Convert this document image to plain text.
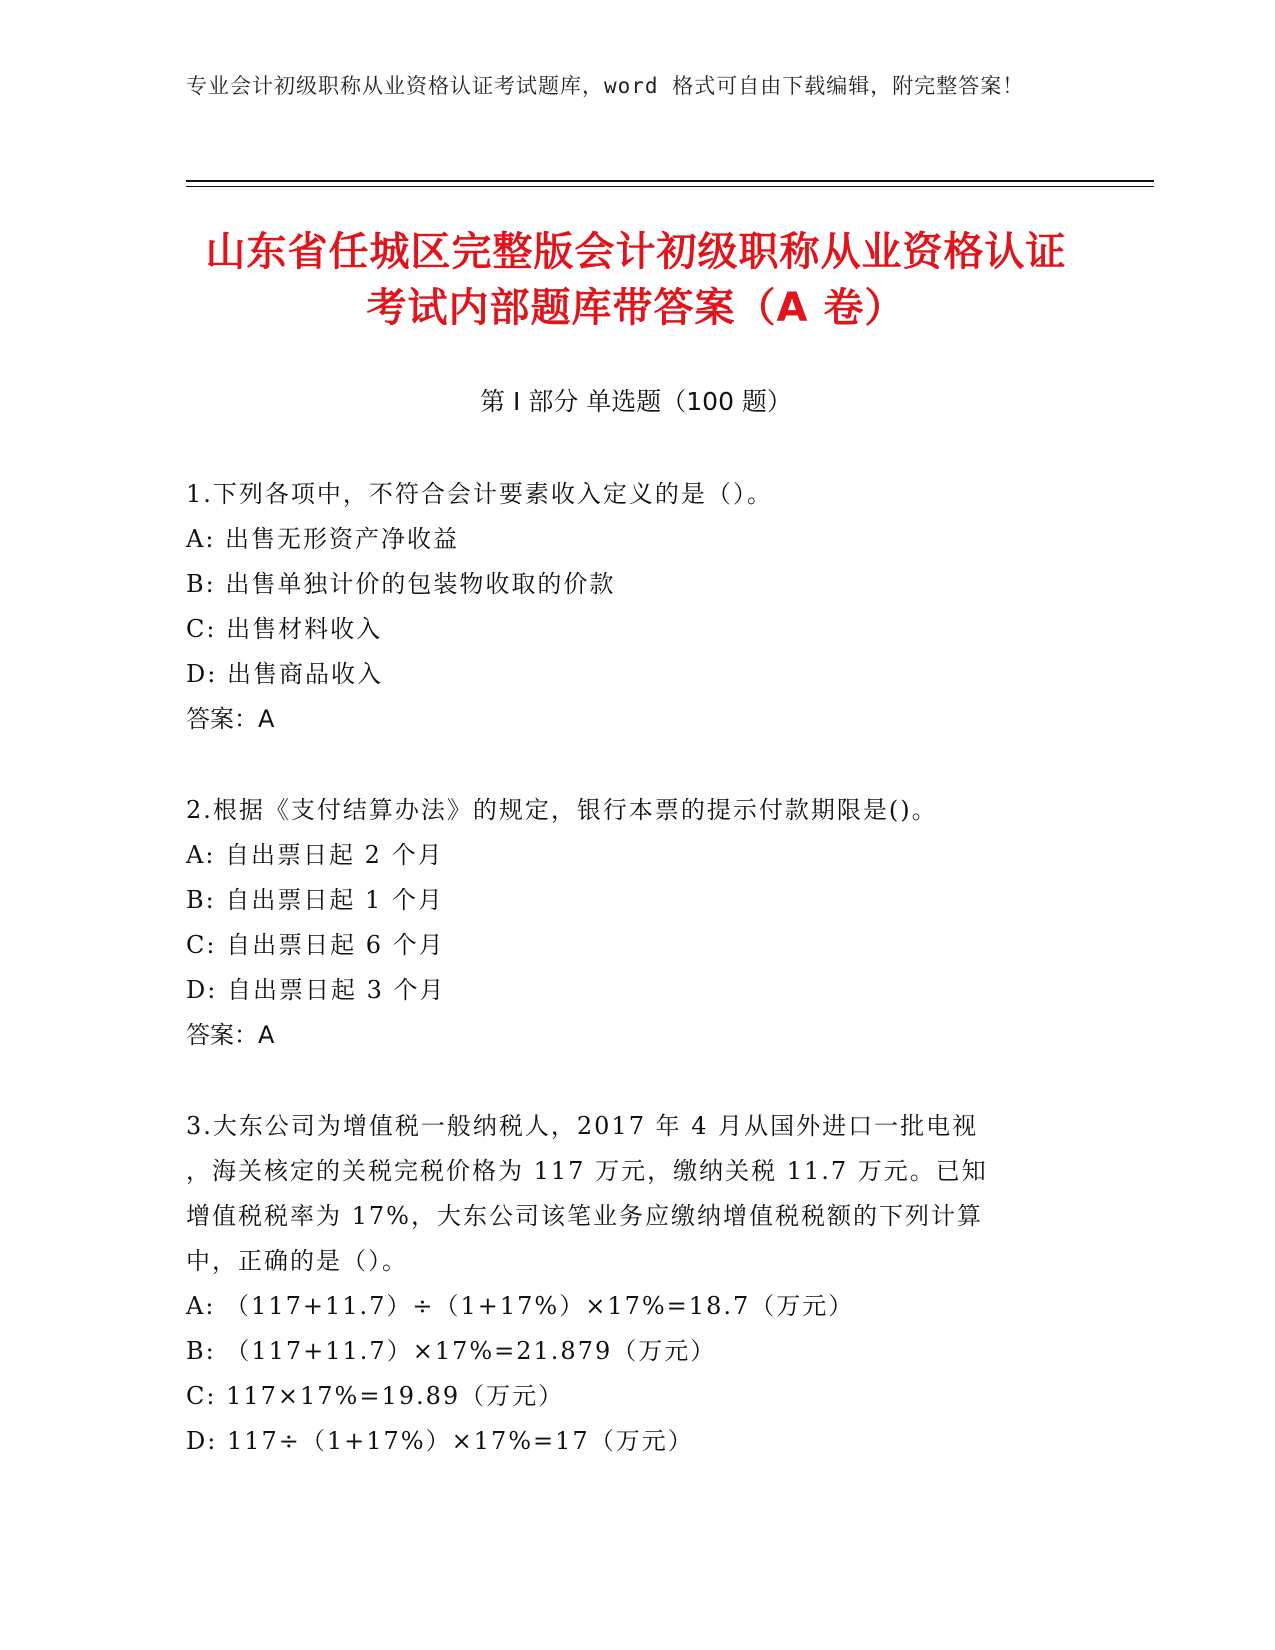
专业会计初级职称从业资格认证考试题库，word 格式可自由下载编辑，附完整答案！
山东省任城区完整版会计初级职称从业资格认证考试内部题库带答案（A 卷）
第 I 部分 单选题（100 题）
1.下列各项中，不符合会计要素收入定义的是（）。
A: 出售无形资产净收益
B: 出售单独计价的包装物收取的价款
C: 出售材料收入
D: 出售商品收入
答案：A
2.根据《支付结算办法》的规定，银行本票的提示付款期限是()。
A: 自出票日起 2 个月
B: 自出票日起 1 个月
C: 自出票日起 6 个月
D: 自出票日起 3 个月
答案：A
3.大东公司为增值税一般纳税人，2017 年 4 月从国外进口一批电视
，海关核定的关税完税价格为 117 万元，缴纳关税 11.7 万元。已知
增值税税率为 17%，大东公司该笔业务应缴纳增值税税额的下列计算
中，正确的是（）。
A: （117+11.7）÷（1+17%）×17%=18.7（万元）
B: （117+11.7）×17%=21.879（万元）
C: 117×17%=19.89（万元）
D: 117÷（1+17%）×17%=17（万元）
